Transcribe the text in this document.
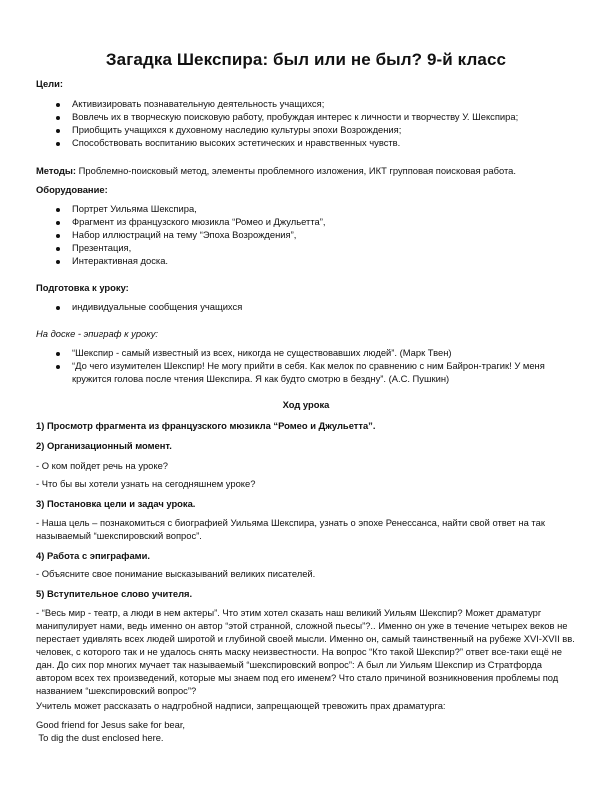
Загадка Шекспира: был или не был? 9-й класс
Цели:
Активизировать познавательную деятельность учащихся;
Вовлечь их в творческую поисковую работу, пробуждая интерес к личности и творчеству У. Шекспира;
Приобщить учащихся к духовному наследию культуры эпохи Возрождения;
Способствовать воспитанию высоких эстетических и нравственных чувств.
Методы: Проблемно-поисковый метод, элементы проблемного изложения, ИКТ групповая поисковая работа.
Оборудование:
Портрет Уильяма Шекспира,
Фрагмент из французского мюзикла “Ромео и Джульетта”,
Набор иллюстраций на тему “Эпоха Возрождения”,
Презентация,
Интерактивная доска.
Подготовка к уроку:
индивидуальные сообщения учащихся
На доске - эпиграф к уроку:
“Шекспир - самый известный из всех, никогда не существовавших людей”. (Марк Твен)
“До чего изумителен Шекспир! Не могу прийти в себя. Как мелок по сравнению с ним Байрон-трагик! У меня кружится голова после чтения Шекспира. Я как будто смотрю в бездну”. (А.С. Пушкин)
Ход урока
1) Просмотр фрагмента из французского мюзикла “Ромео и Джульетта”.
2) Организационный момент.
- О ком пойдет речь на уроке?
- Что бы вы хотели узнать на сегодняшнем уроке?
3) Постановка цели и задач урока.
- Наша цель – познакомиться с биографией Уильяма Шекспира, узнать о эпохе Ренессанса, найти свой ответ на так называемый “шекспировский вопрос”.
4) Работа с эпиграфами.
- Объясните свое понимание высказываний великих писателей.
5) Вступительное слово учителя.
- “Весь мир - театр, а люди в нем актеры”. Что этим хотел сказать наш великий Уильям Шекспир? Может драматург манипулирует нами, ведь именно он автор “этой странной, сложной пьесы”?.. Именно он уже в течение четырех веков не перестает удивлять всех людей широтой и глубиной своей мысли. Именно он, самый таинственный на рубеже XVI-XVII вв. человек, с которого так и не удалось снять маску неизвестности. На вопрос “Кто такой Шекспир?” ответ все-таки ещё не дан. До сих пор многих мучает так называемый “шекспировский вопрос”: А был ли Уильям Шекспир из Стратфорда автором всех тех произведений, которые мы знаем под его именем? Что стало причиной возникновения проблемы под названием “шекспировский вопрос”?
Учитель может рассказать о надгробной надписи, запрещающей тревожить прах драматурга:
Good friend for Jesus sake for bear,
To dig the dust enclosed here.
